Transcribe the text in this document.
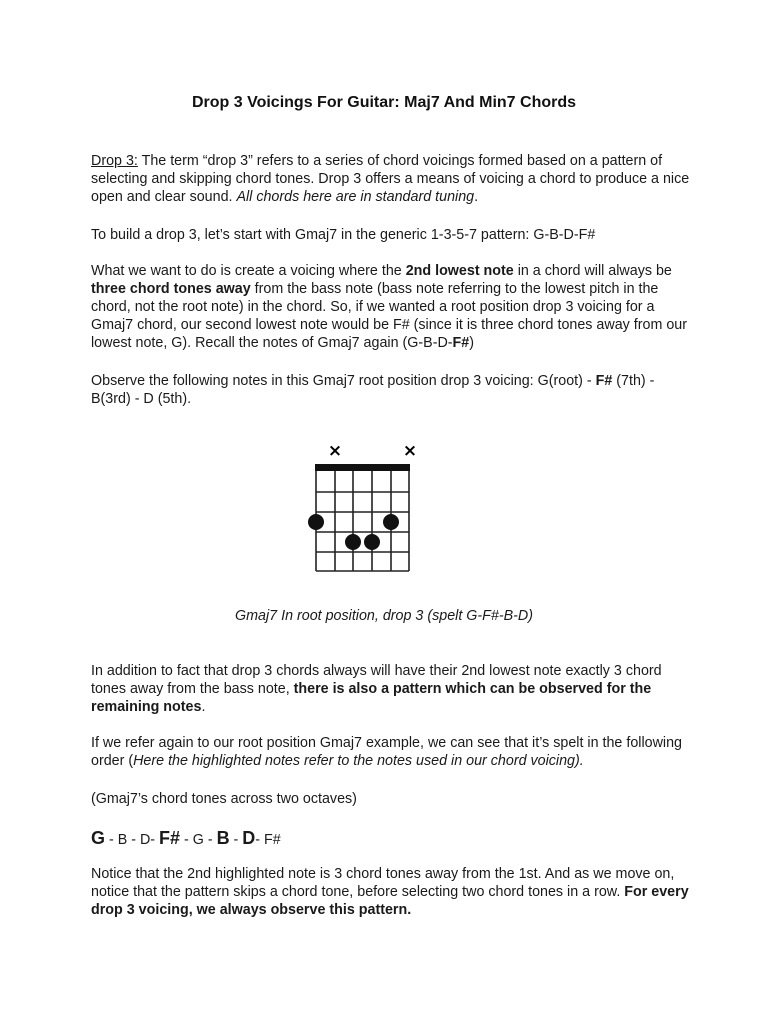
Drop 3 Voicings For Guitar: Maj7 And Min7 Chords

Drop 3: The term “drop 3” refers to a series of chord voicings formed based on a pattern of selecting and skipping chord tones. Drop 3 offers a means of voicing a chord to produce a nice open and clear sound. All chords here are in standard tuning.

To build a drop 3, let’s start with Gmaj7 in the generic 1-3-5-7 pattern: G-B-D-F#

What we want to do is create a voicing where the 2nd lowest note in a chord will always be three chord tones away from the bass note (bass note referring to the lowest pitch in the chord, not the root note) in the chord. So, if we wanted a root position drop 3 voicing for a Gmaj7 chord, our second lowest note would be F# (since it is three chord tones away from our lowest note, G). Recall the notes of Gmaj7 again (G-B-D-F#)

Observe the following notes in this Gmaj7 root position drop 3 voicing: G(root) - F# (7th) - B(3rd) - D (5th).

×	×
Gmaj7 In root position, drop 3 (spelt G-F#-B-D)

In addition to fact that drop 3 chords always will have their 2nd lowest note exactly 3 chord tones away from the bass note, there is also a pattern which can be observed for the remaining notes.

If we refer again to our root position Gmaj7 example, we can see that it’s spelt in the following order (Here the highlighted notes refer to the notes used in our chord voicing).

(Gmaj7’s chord tones across two octaves)

G - B - D- F# - G - B - D- F#

Notice that the 2nd highlighted note is 3 chord tones away from the 1st. And as we move on, notice that the pattern skips a chord tone, before selecting two chord tones in a row. For every drop 3 voicing, we always observe this pattern.
